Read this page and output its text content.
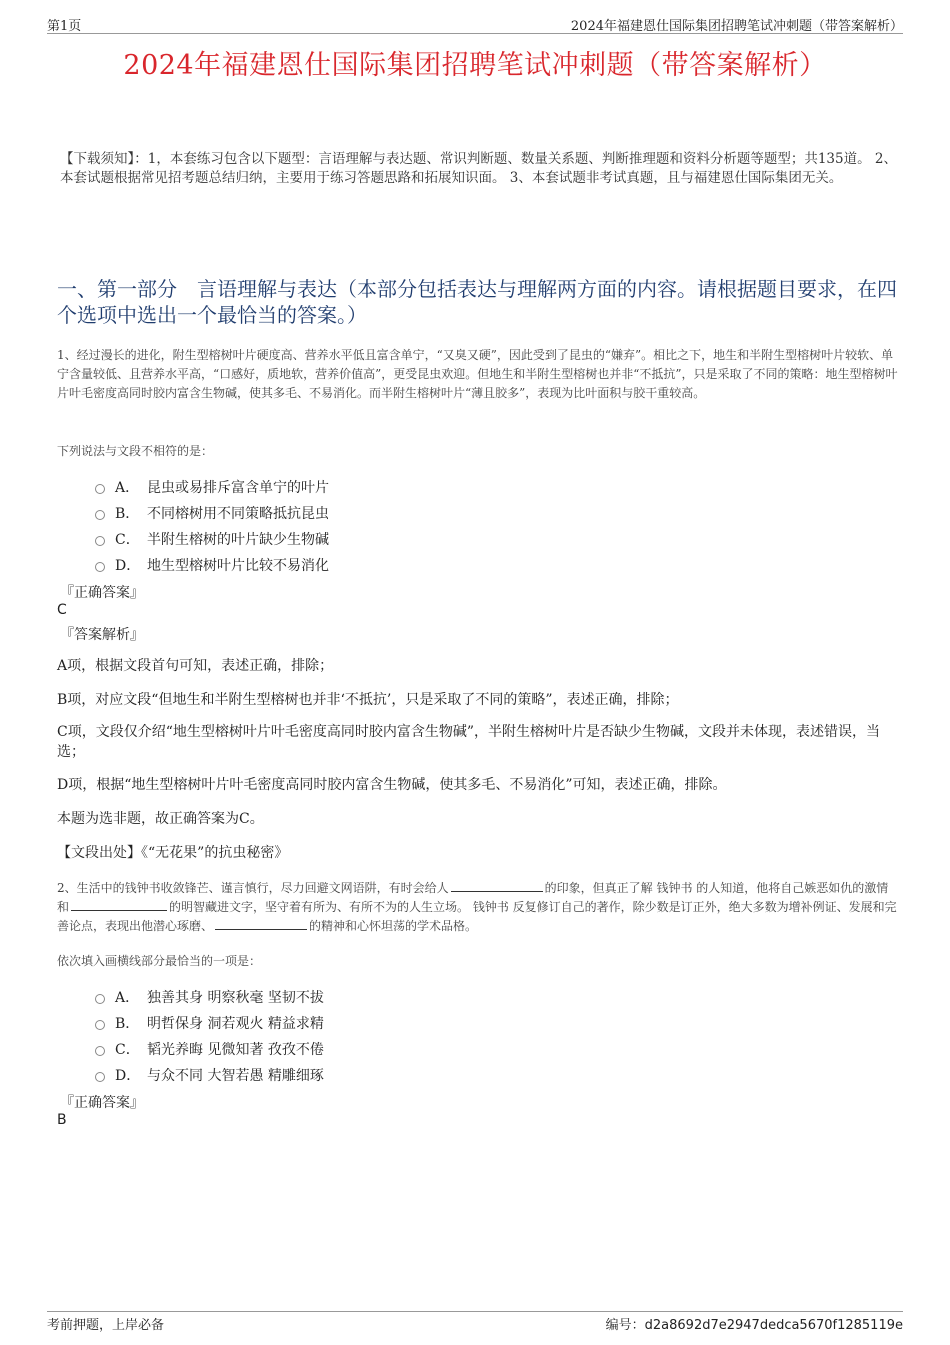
第1页	2024年福建恩仕国际集团招聘笔试冲刺题（带答案解析）
2024年福建恩仕国际集团招聘笔试冲刺题（带答案解析）
【下载须知】：1，本套练习包含以下题型：言语理解与表达题、常识判断题、数量关系题、判断推理题和资料分析题等题型；共135道。 2、本套试题根据常见招考题总结归纳，主要用于练习答题思路和拓展知识面。 3、本套试题非考试真题，且与福建恩仕国际集团无关。
一、第一部分　言语理解与表达（本部分包括表达与理解两方面的内容。请根据题目要求，在四个选项中选出一个最恰当的答案。）
1、经过漫长的进化，附生型榕树叶片硬度高、营养水平低且富含单宁，“又臭又硬”，因此受到了昆虫的“嫌弃”。相比之下，地生和半附生型榕树叶片较软、单宁含量较低、且营养水平高，“口感好，质地软，营养价值高”，更受昆虫欢迎。但地生和半附生型榕树也并非“不抵抗”，只是采取了不同的策略：地生型榕树叶片叶毛密度高同时胶内富含生物碱，使其多毛、不易消化。而半附生榕树叶片“薄且胶多”，表现为比叶面积与胶干重较高。
下列说法与文段不相符的是：
A． 昆虫或易排斥富含单宁的叶片
B． 不同榕树用不同策略抵抗昆虫
C． 半附生榕树的叶片缺少生物碱
D． 地生型榕树叶片比较不易消化
『正确答案』
C
『答案解析』
A项，根据文段首句可知，表述正确，排除；
B项，对应文段“但地生和半附生型榕树也并非‘不抵抗’，只是采取了不同的策略”，表述正确，排除；
C项，文段仅介绍“地生型榕树叶片叶毛密度高同时胶内富含生物碱”，半附生榕树叶片是否缺少生物碱，文段并未体现，表述错误，当选；
D项，根据“地生型榕树叶片叶毛密度高同时胶内富含生物碱，使其多毛、不易消化”可知，表述正确，排除。
本题为选非题，故正确答案为C。
【文段出处】《“无花果”的抗虫秘密》
2、生活中的钱钟书收敛锋芒、谨言慎行，尽力回避文网语阱，有时会给人	的印象，但真正了解 钱钟书 的人知道，他将自己嫉恶如仇的激情和	的明智藏进文字，坚守着有所为、有所不为的人生立场。 钱钟书 反复修订自己的著作，除少数是订正外，绝大多数为增补例证、发展和完善论点，表现出他潜心琢磨、	的精神和心怀坦荡的学术品格。
依次填入画横线部分最恰当的一项是：
A． 独善其身 明察秋毫 坚韧不拔
B． 明哲保身 洞若观火 精益求精
C． 韬光养晦 见微知著 孜孜不倦
D． 与众不同 大智若愚 精雕细琢
『正确答案』
B
考前押题，上岸必备	编号：d2a8692d7e2947dedca5670f1285119e
